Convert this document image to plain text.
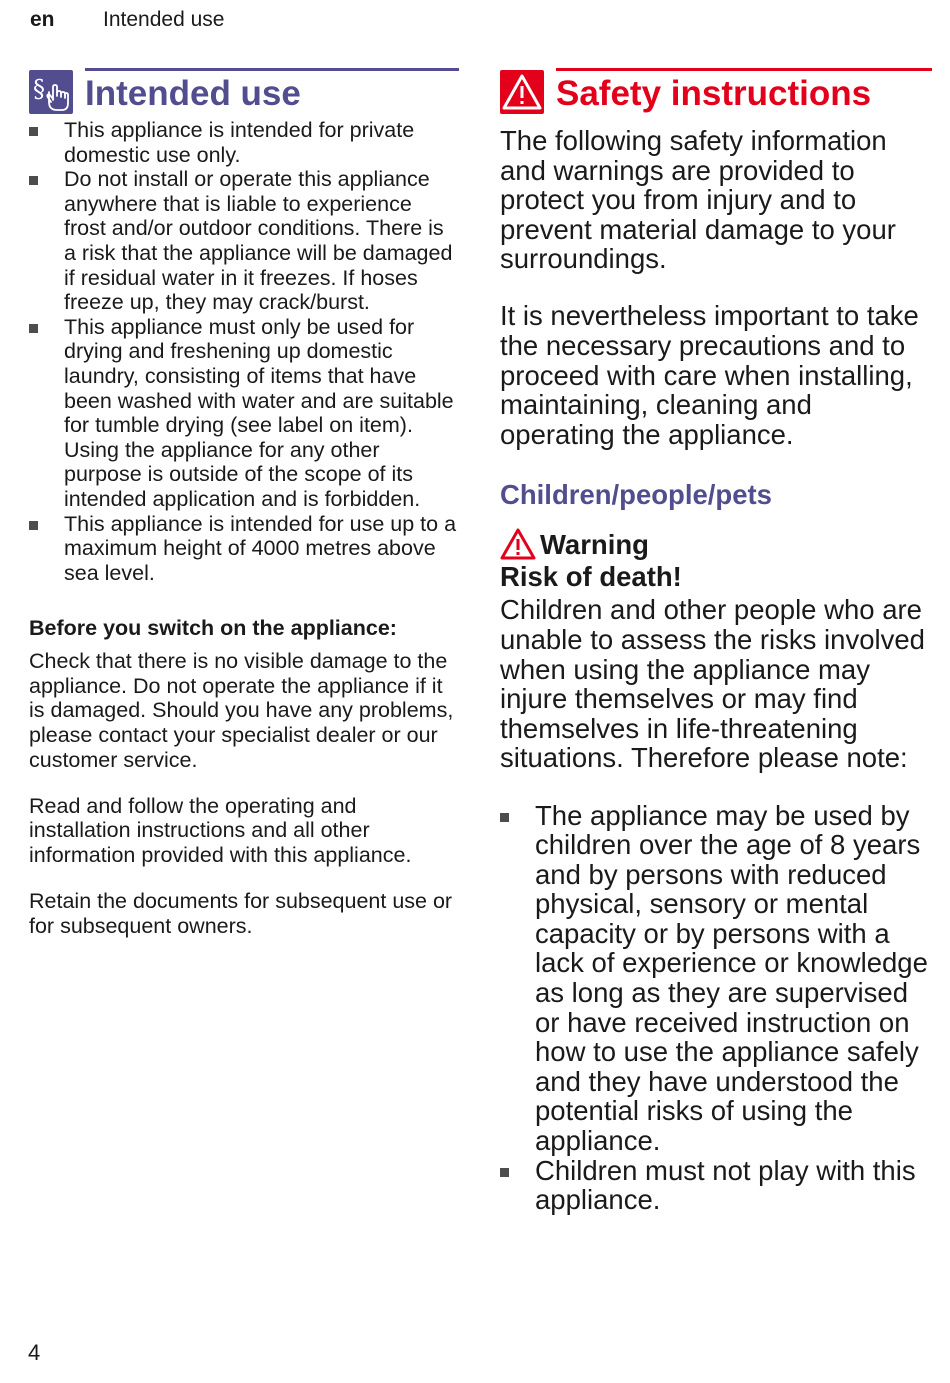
en Intended use
§ Intended use
This appliance is intended for private domestic use only.
Do not install or operate this appliance anywhere that is liable to experience frost and/or outdoor conditions. There is a risk that the appliance will be damaged if residual water in it freezes. If hoses freeze up, they may crack/burst.
This appliance must only be used for drying and freshening up domestic laundry, consisting of items that have been washed with water and are suitable for tumble drying (see label on item). Using the appliance for any other purpose is outside of the scope of its intended application and is forbidden.
This appliance is intended for use up to a maximum height of 4000 metres above sea level.
Before you switch on the appliance:

Check that there is no visible damage to the appliance. Do not operate the appliance if it is damaged. Should you have any problems, please contact your specialist dealer or our customer service.

Read and follow the operating and installation instructions and all other information provided with this appliance.

Retain the documents for subsequent use or for subsequent owners.

Safety instructions

The following safety information and warnings are provided to protect you from injury and to prevent material damage to your surroundings.

It is nevertheless important to take the necessary precautions and to proceed with care when installing, maintaining, cleaning and operating the appliance.

Children/people/pets
Warning
Risk of death!

Children and other people who are unable to assess the risks involved when using the appliance may injure themselves or may find themselves in life-threatening situations. Therefore please note:

The appliance may be used by children over the age of 8 years and by persons with reduced physical, sensory or mental capacity or by persons with a lack of experience or knowledge as long as they are supervised or have received instruction on how to use the appliance safely and they have understood the potential risks of using the appliance.
Children must not play with this appliance.
4
